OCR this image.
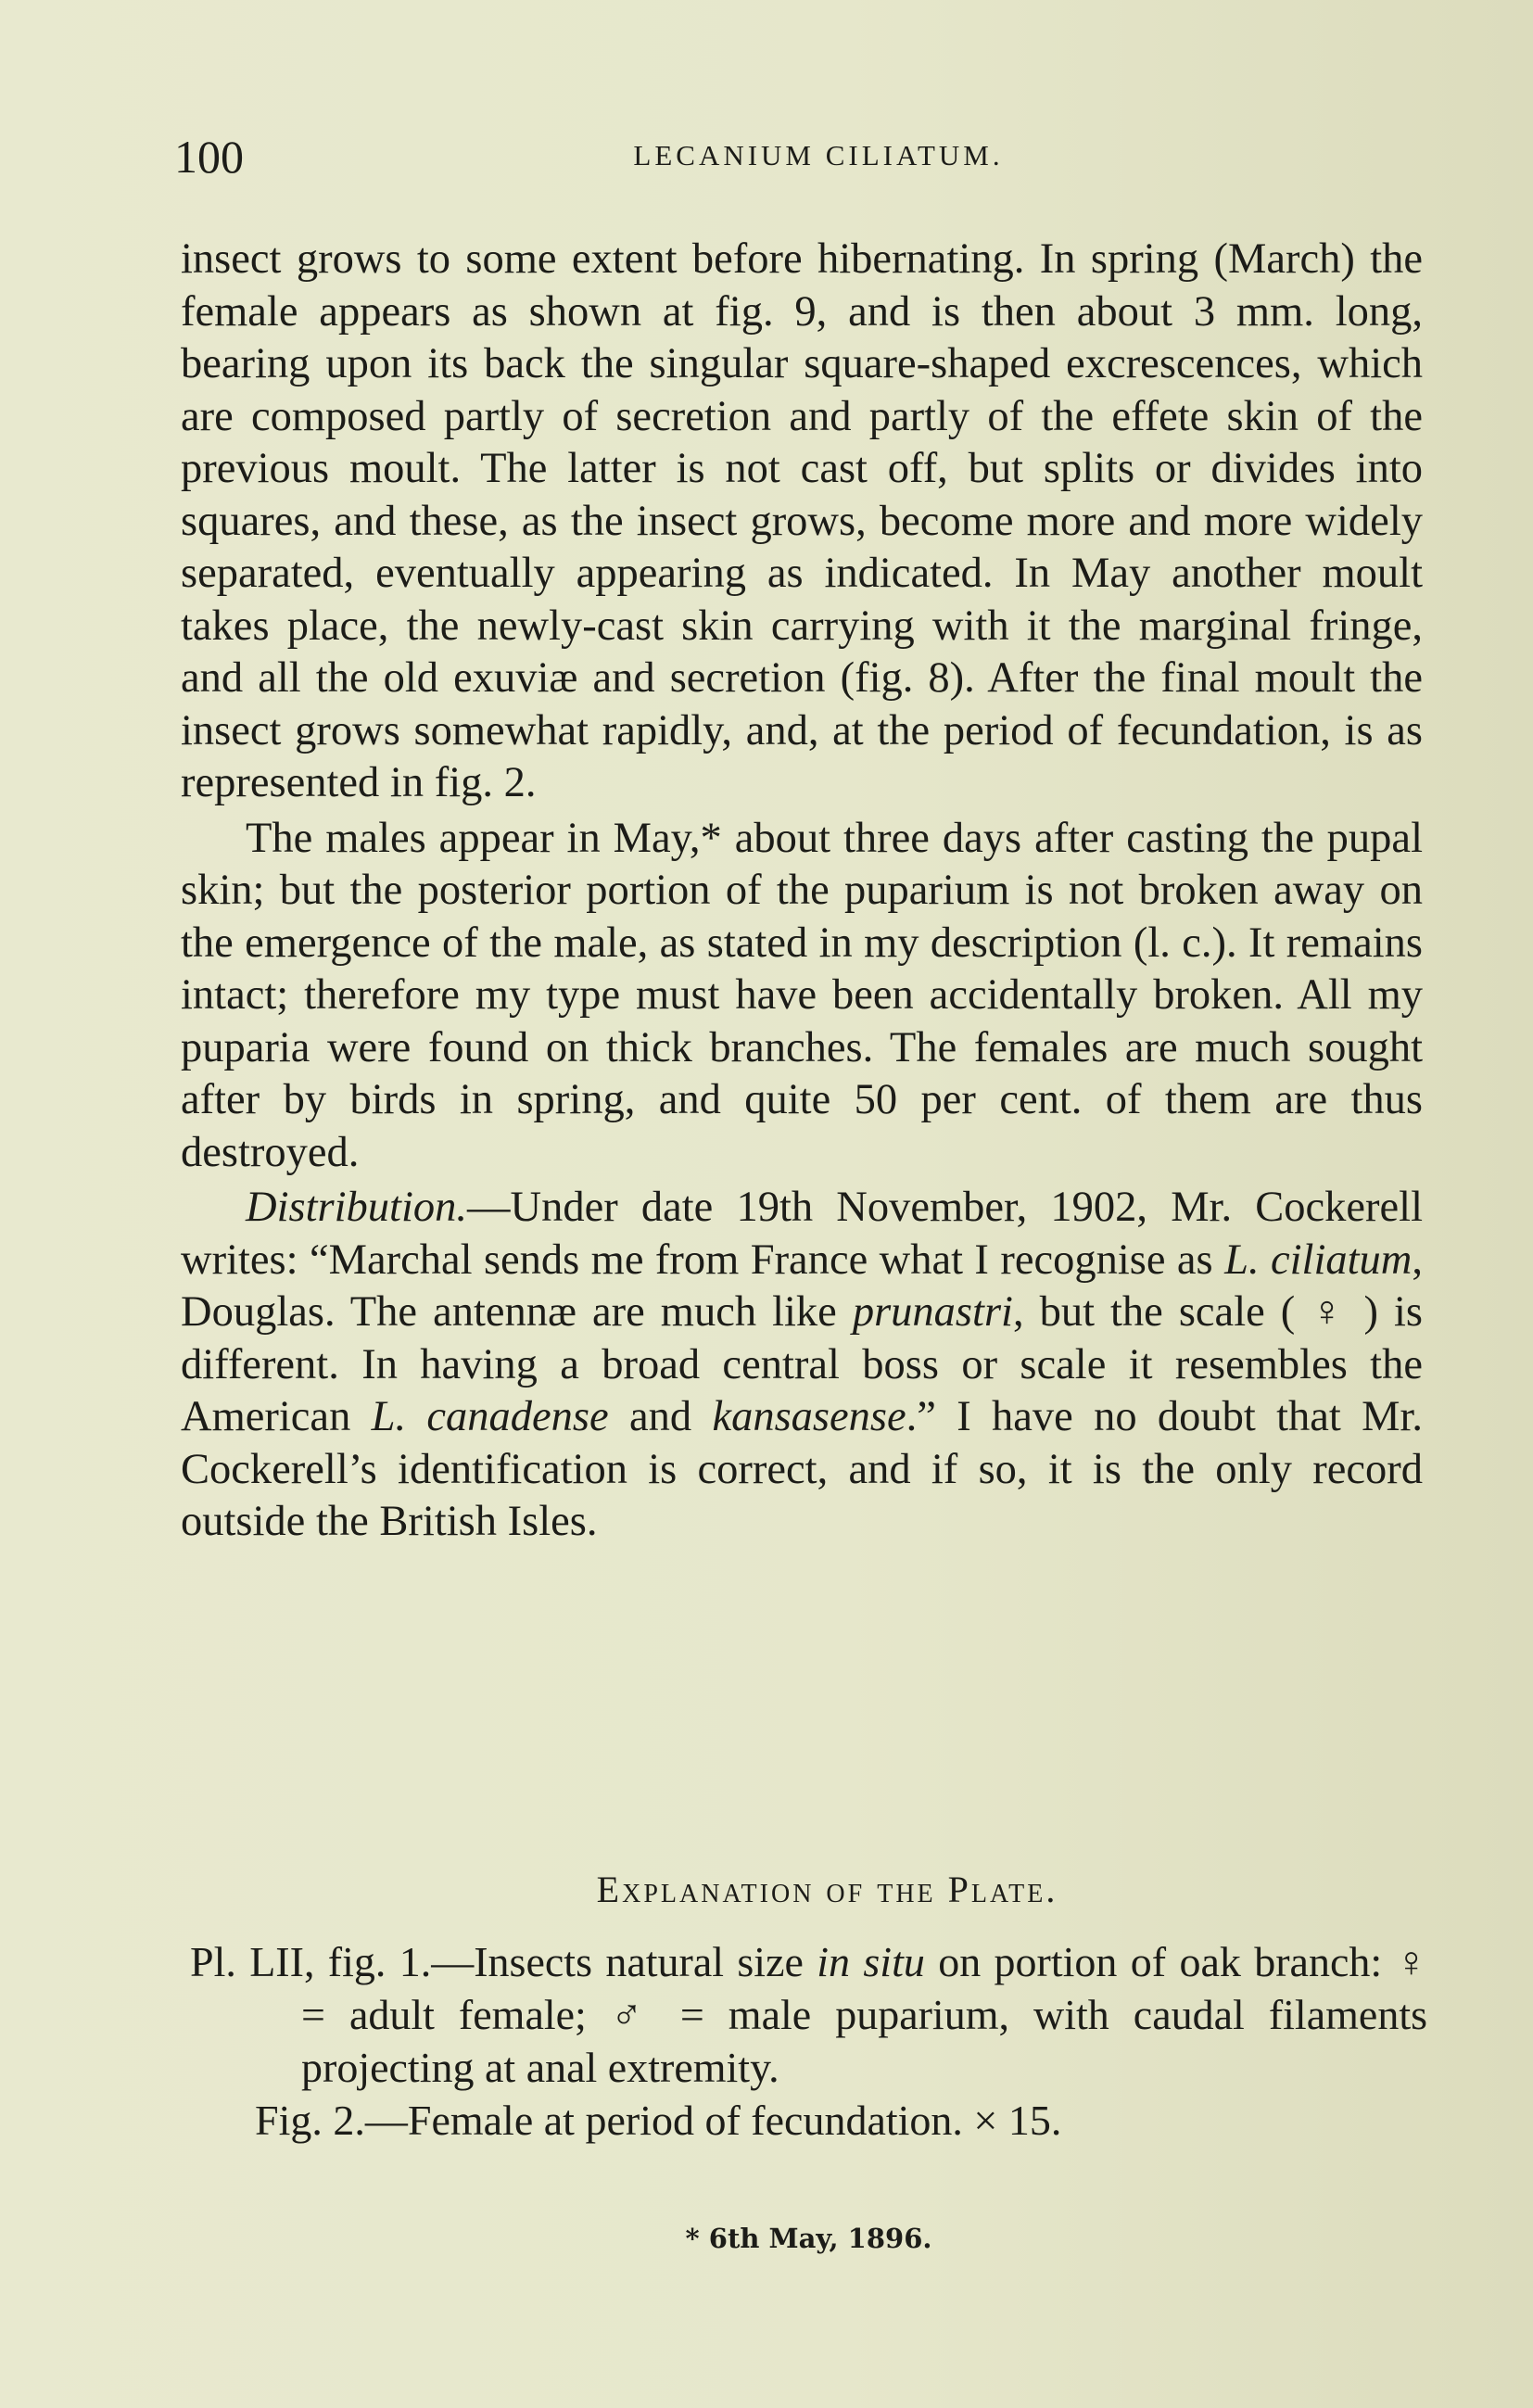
100	LECANIUM CILIATUM.

insect grows to some extent before hibernating. In spring (March) the female appears as shown at fig. 9, and is then about 3 mm. long, bearing upon its back the singular square-shaped excrescences, which are composed partly of secretion and partly of the effete skin of the previous moult. The latter is not cast off, but splits or divides into squares, and these, as the insect grows, become more and more widely separated, eventually appearing as indicated. In May another moult takes place, the newly-cast skin carrying with it the marginal fringe, and all the old exuviæ and secretion (fig. 8). After the final moult the insect grows somewhat rapidly, and, at the period of fecundation, is as represented in fig. 2.

The males appear in May,* about three days after casting the pupal skin; but the posterior portion of the puparium is not broken away on the emergence of the male, as stated in my description (l. c.). It remains intact; therefore my type must have been accidentally broken. All my puparia were found on thick branches. The females are much sought after by birds in spring, and quite 50 per cent. of them are thus destroyed.

Distribution.—Under date 19th November, 1902, Mr. Cockerell writes: “Marchal sends me from France what I recognise as L. ciliatum, Douglas. The antennæ are much like prunastri, but the scale ( ♀ ) is different. In having a broad central boss or scale it resembles the American L. canadense and kansasense.” I have no doubt that Mr. Cockerell’s identification is correct, and if so, it is the only record outside the British Isles.

Explanation of the Plate.

Pl. LII, fig. 1.—Insects natural size in situ on portion of oak branch: ♀ = adult female; ♂ = male puparium, with caudal filaments projecting at anal extremity.

Fig. 2.—Female at period of fecundation. × 15.

* 6th May, 1896.
